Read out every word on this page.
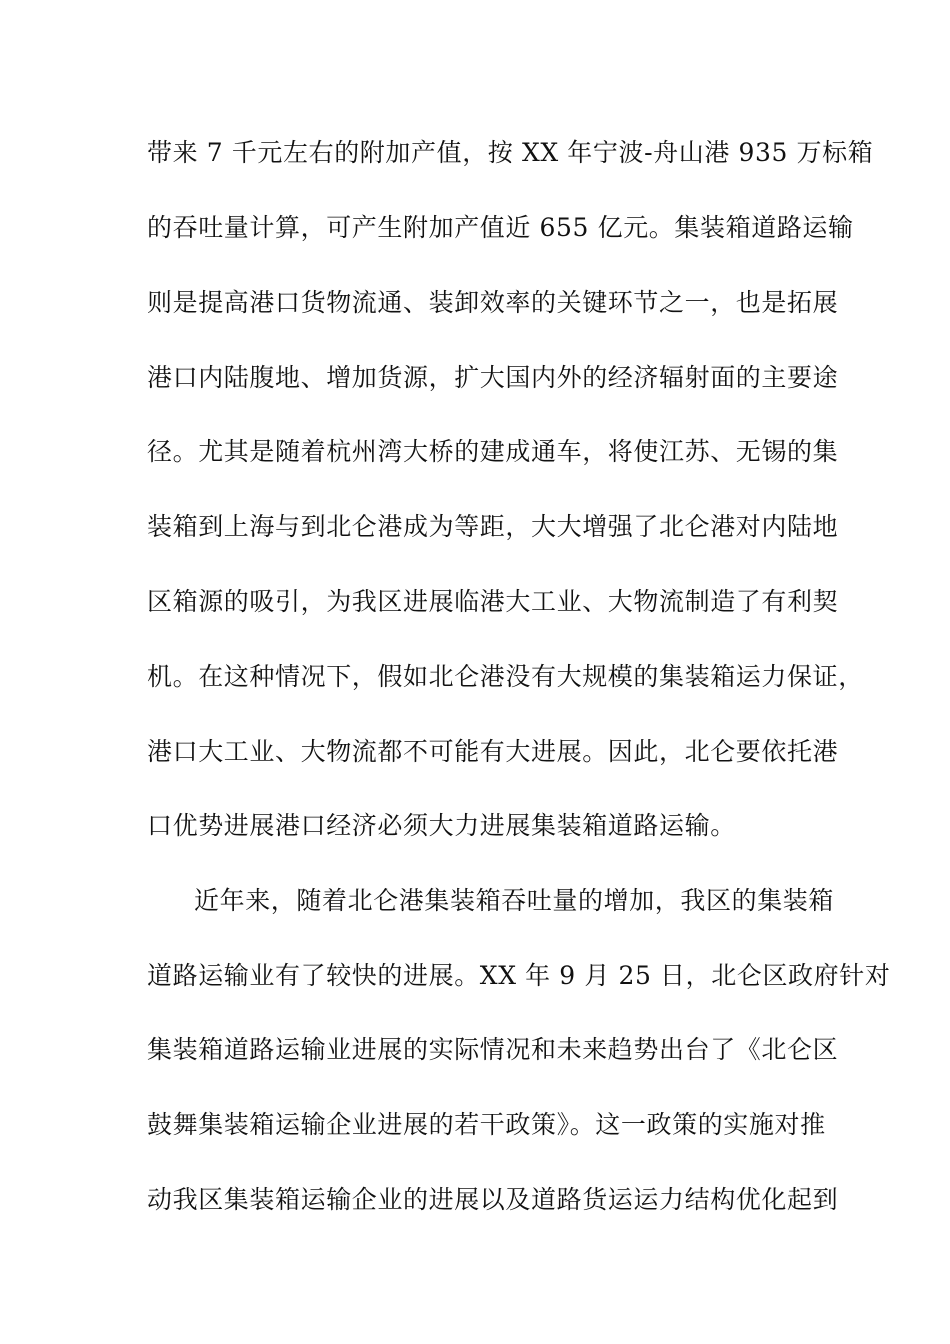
带来 7 千元左右的附加产值，按 XX 年宁波-舟山港 935 万标箱
的吞吐量计算，可产生附加产值近 655 亿元。集装箱道路运输
则是提高港口货物流通、装卸效率的关键环节之一，也是拓展
港口内陆腹地、增加货源，扩大国内外的经济辐射面的主要途
径。尤其是随着杭州湾大桥的建成通车，将使江苏、无锡的集
装箱到上海与到北仑港成为等距，大大增强了北仑港对内陆地
区箱源的吸引，为我区进展临港大工业、大物流制造了有利契
机。在这种情况下，假如北仑港没有大规模的集装箱运力保证，
港口大工业、大物流都不可能有大进展。因此，北仑要依托港
口优势进展港口经济必须大力进展集装箱道路运输。
近年来，随着北仑港集装箱吞吐量的增加，我区的集装箱
道路运输业有了较快的进展。XX 年 9 月 25 日，北仑区政府针对
集装箱道路运输业进展的实际情况和未来趋势出台了《北仑区
鼓舞集装箱运输企业进展的若干政策》。这一政策的实施对推
动我区集装箱运输企业的进展以及道路货运运力结构优化起到
